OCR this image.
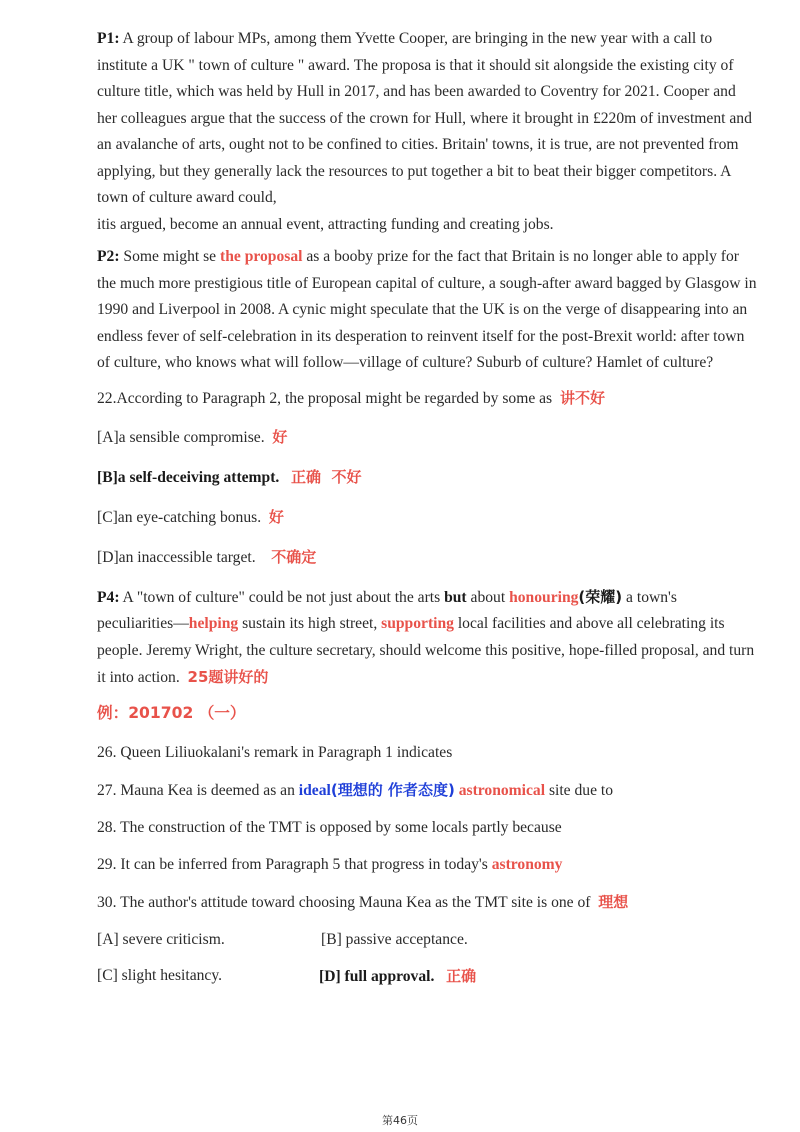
P1: A group of labour MPs, among them Yvette Cooper, are bringing in the new year with a call to institute a UK " town of culture " award. The proposa is that it should sit alongside the existing city of culture title, which was held by Hull in 2017, and has been awarded to Coventry for 2021. Cooper and her colleagues argue that the success of the crown for Hull, where it brought in £220m of investment and an avalanche of arts, ought not to be confined to cities. Britain' towns, it is true, are not prevented from applying, but they generally lack the resources to put together a bit to beat their bigger competitors. A town of culture award could,
itis argued, become an annual event, attracting funding and creating jobs.

P2: Some might se the proposal as a booby prize for the fact that Britain is no longer able to apply for the much more prestigious title of European capital of culture, a sough-after award bagged by Glasgow in 1990 and Liverpool in 2008. A cynic might speculate that the UK is on the verge of disappearing into an endless fever of self-celebration in its desperation to reinvent itself for the post-Brexit world: after town of culture, who knows what will follow—village of culture? Suburb of culture? Hamlet of culture?

22.According to Paragraph 2, the proposal might be regarded by some as 讲不好

[A]a sensible compromise. 好

[B]a self-deceiving attempt. 正确  不好

[C]an eye-catching bonus. 好

[D]an inaccessible target. 不确定

P4: A "town of culture" could be not just about the arts but about honouring(荣耀) a town's peculiarities—helping sustain its high street, supporting local facilities and above all celebrating its people. Jeremy Wright, the culture secretary, should welcome this positive, hope-filled proposal, and turn it into action. 25题讲好的

例：201702 （一）

26. Queen Liliuokalani's remark in Paragraph 1 indicates

27. Mauna Kea is deemed as an ideal(理想的 作者态度) astronomical site due to

28. The construction of the TMT is opposed by some locals partly because

29. It can be inferred from Paragraph 5 that progress in today's astronomy

30. The author's attitude toward choosing Mauna Kea as the TMT site is one of 理想

[A] severe criticism.	[B] passive acceptance.
[C] slight hesitancy.	[D] full approval. 正确
第46页
